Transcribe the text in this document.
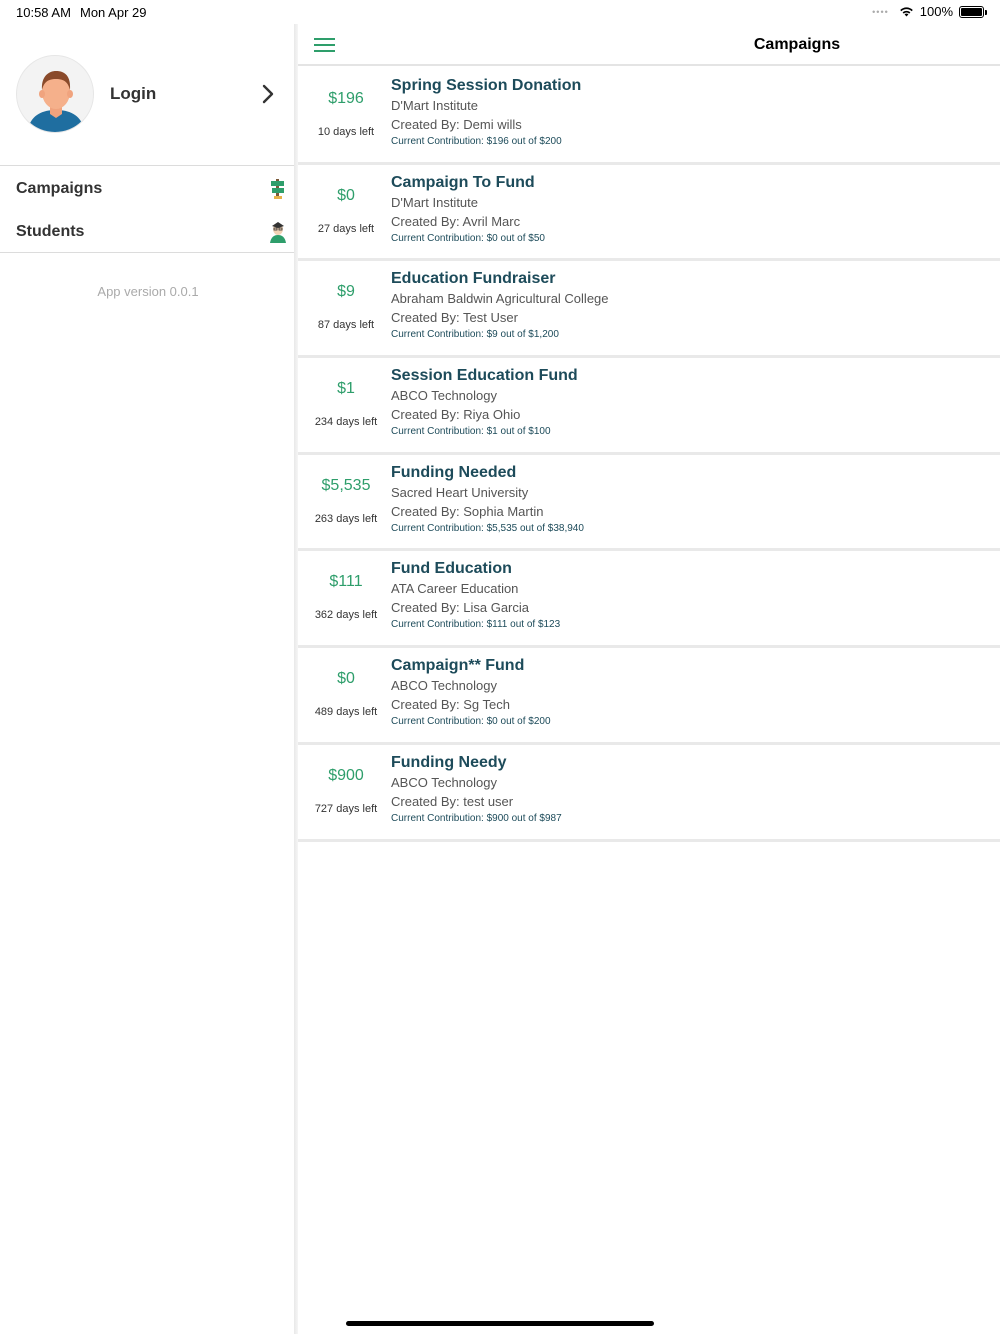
10:58 AM Mon Apr 29	•••• 100%
Login
Campaigns
Students
App version 0.0.1
$196
10 days left
Spring Session Donation
D'Mart Institute
Created By: Demi wills
Current Contribution: $196 out of $200
$0
27 days left
Campaign To Fund
D'Mart Institute
Created By: Avril Marc
Current Contribution: $0 out of $50
$9
87 days left
Education Fundraiser
Abraham Baldwin Agricultural College
Created By: Test User
Current Contribution: $9 out of $1,200
$1
234 days left
Session Education Fund
ABCO Technology
Created By: Riya Ohio
Current Contribution: $1 out of $100
$5,535
263 days left
Funding Needed
Sacred Heart University
Created By: Sophia Martin
Current Contribution: $5,535 out of $38,940
$111
362 days left
Fund Education
ATA Career Education
Created By: Lisa Garcia
Current Contribution: $111 out of $123
$0
489 days left
Campaign** Fund
ABCO Technology
Created By: Sg Tech
Current Contribution: $0 out of $200
$900
727 days left
Funding Needy
ABCO Technology
Created By: test user
Current Contribution: $900 out of $987
Campaigns
